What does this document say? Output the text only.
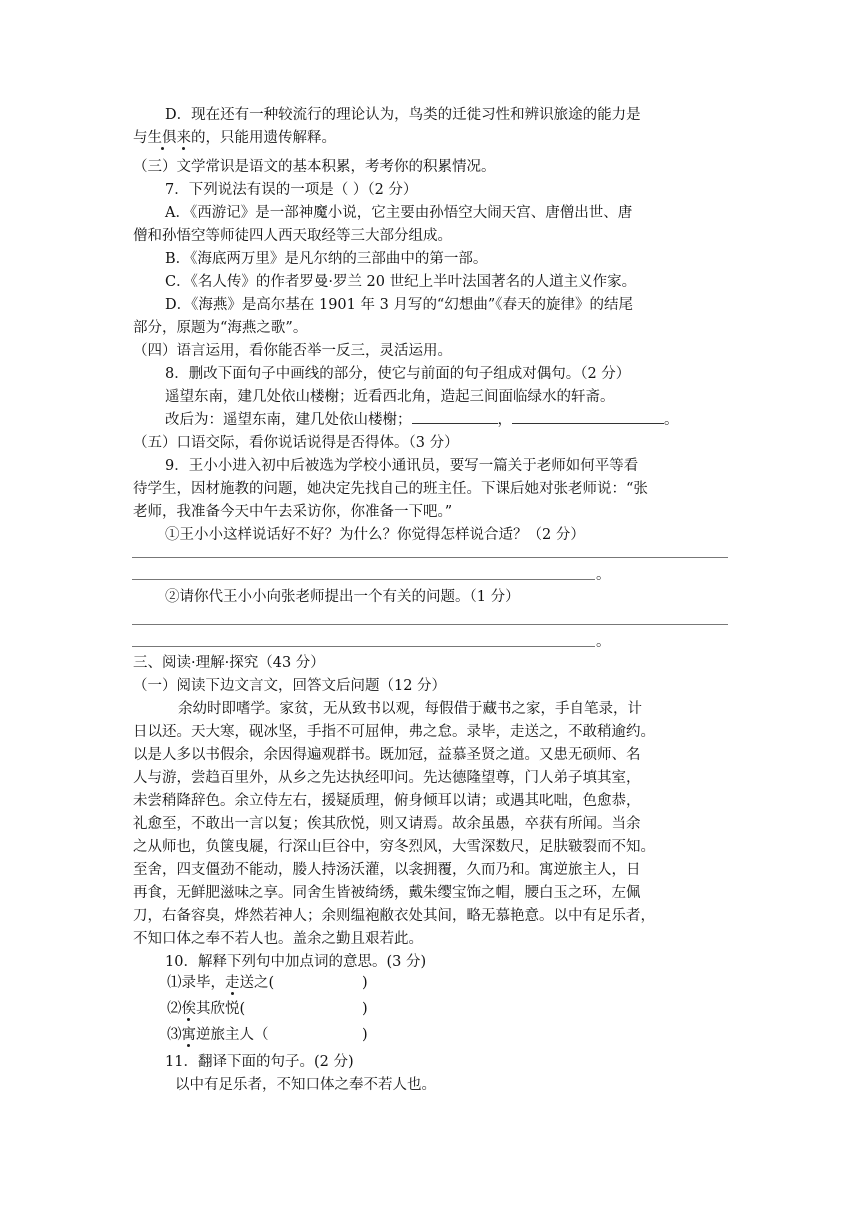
D．现在还有一种较流行的理论认为，鸟类的迁徙习性和辨识旅途的能力是
与生俱来的，只能用遗传解释。
（三）文学常识是语文的基本积累，考考你的积累情况。
7．下列说法有误的一项是（ ）（2 分）
A．《西游记》是一部神魔小说，它主要由孙悟空大闹天宫、唐僧出世、唐
僧和孙悟空等师徒四人西天取经等三大部分组成。
B．《海底两万里》是凡尔纳的三部曲中的第一部。
C．《名人传》的作者罗曼·罗兰 20 世纪上半叶法国著名的人道主义作家。
D．《海燕》是高尔基在 1901 年 3 月写的“幻想曲”《春天的旋律》的结尾
部分，原题为“海燕之歌”。
（四）语言运用，看你能否举一反三，灵活运用。
8．删改下面句子中画线的部分，使它与前面的句子组成对偶句。（2 分）
遥望东南，建几处依山楼榭；近看西北角，造起三间面临绿水的轩斋。
改后为：遥望东南，建几处依山楼榭；	，	。
（五）口语交际，看你说话说得是否得体。（3 分）
9．王小小进入初中后被选为学校小通讯员，要写一篇关于老师如何平等看
待学生，因材施教的问题，她决定先找自己的班主任。下课后她对张老师说：“张
老师，我准备今天中午去采访你，你准备一下吧。”
①王小小这样说话好不好？为什么？你觉得怎样说合适？（2 分）
。
②请你代王小小向张老师提出一个有关的问题。（1 分）
。
三、阅读·理解·探究（43 分）
（一）阅读下边文言文，回答文后问题（12 分）
余幼时即嗜学。家贫，无从致书以观，每假借于藏书之家，手自笔录，计
日以还。天大寒，砚冰坚，手指不可屈伸，弗之怠。录毕，走送之，不敢稍逾约。
以是人多以书假余，余因得遍观群书。既加冠，益慕圣贤之道。又患无硕师、名
人与游，尝趋百里外，从乡之先达执经叩问。先达德隆望尊，门人弟子填其室，
未尝稍降辞色。余立侍左右，援疑质理，俯身倾耳以请；或遇其叱咄，色愈恭，
礼愈至，不敢出一言以复；俟其欣悦，则又请焉。故余虽愚，卒获有所闻。当余
之从师也，负箧曳屣，行深山巨谷中，穷冬烈风，大雪深数尺，足肤皲裂而不知。
至舍，四支僵劲不能动，媵人持汤沃灌，以衾拥覆，久而乃和。寓逆旅主人，日
再食，无鲜肥滋味之享。同舍生皆被绮绣，戴朱缨宝饰之帽，腰白玉之环，左佩
刀，右备容臭，烨然若神人；余则缊袍敝衣处其间，略无慕艳意。以中有足乐者，
不知口体之奉不若人也。盖余之勤且艰若此。
10．解释下列句中加点词的意思。(3 分)
⑴录毕，走送之(	)
⑵俟其欣悦(	)
⑶寓逆旅主人（	)
11．翻译下面的句子。(2 分)
以中有足乐者，不知口体之奉不若人也。
